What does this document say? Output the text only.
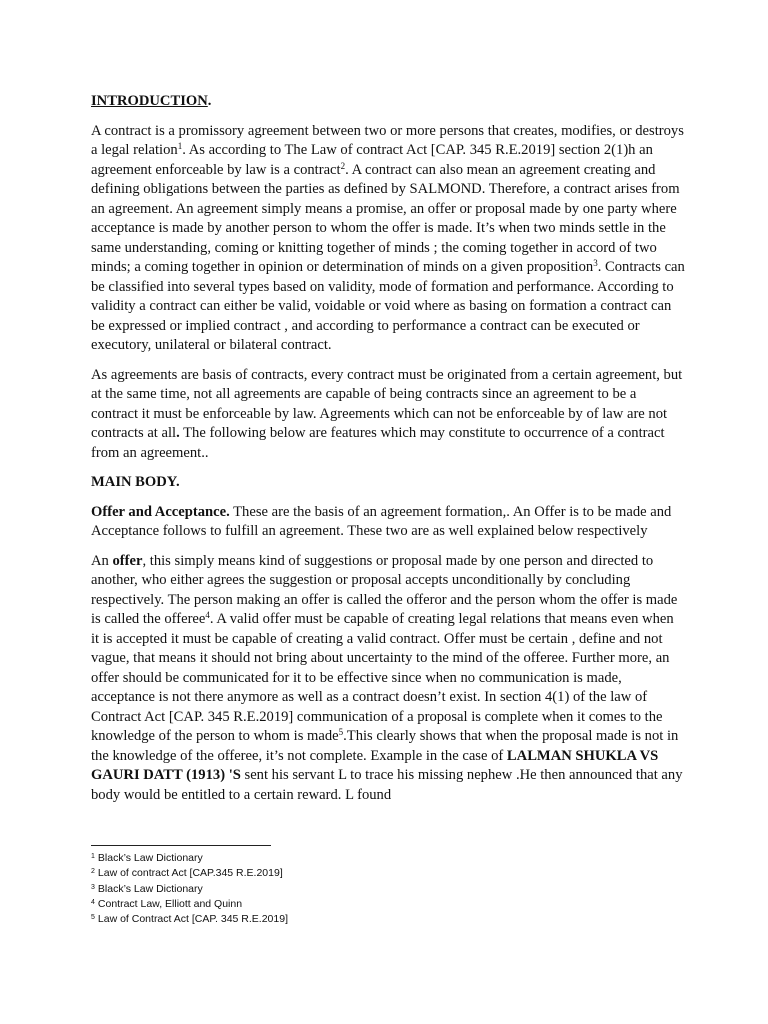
INTRODUCTION.

A contract is a promissory agreement between two or more persons that creates, modifies, or destroys a legal relation$^1$. As according to The Law of contract Act [CAP. 345 R.E.2019] section 2(1)h an agreement enforceable by law is a contract$^2$. A contract can also mean an agreement creating and defining obligations between the parties as defined by SALMOND. Therefore, a contract arises from an agreement. An agreement simply means a promise, an offer or proposal made by one party where acceptance is made by another person to whom the offer is made. It’s when two minds settle in the same understanding, coming or knitting together of minds ; the coming together in accord of two minds; a coming together in opinion or determination of minds on a given proposition$^3$. Contracts can be classified into several types based on validity, mode of formation and performance. According to validity a contract can either be valid, voidable or void where as basing on formation a contract can be expressed or implied contract , and according to performance a contract can be executed or executory, unilateral or bilateral contract.

As agreements are basis of contracts, every contract must be originated from a certain agreement, but at the same time, not all agreements are capable of being contracts since an agreement to be a contract it must be enforceable by law. Agreements which can not be enforceable by of law are not contracts at all. The following below are features which may constitute to occurrence of a contract from an agreement..

MAIN BODY.

Offer and Acceptance. These are the basis of an agreement formation,. An Offer is to be made and Acceptance follows to fulfill an agreement. These two are as well explained below respectively

An offer, this simply means kind of suggestions or proposal made by one person and directed to another, who either agrees the suggestion or proposal accepts unconditionally by concluding respectively. The person making an offer is called the offeror and the person whom the offer is made is called the offeree$^4$. A valid offer must be capable of creating legal relations that means even when it is accepted it must be capable of creating a valid contract. Offer must be certain , define and not vague, that means it should not bring about uncertainty to the mind of the offeree. Further more, an offer should be communicated for it to be effective since when no communication is made, acceptance is not there anymore as well as a contract doesn’t exist. In section 4(1) of the law of Contract Act [CAP. 345 R.E.2019] communication of a proposal is complete when it comes to the knowledge of the person to whom is made$^5$.This clearly shows that when the proposal made is not in the knowledge of the offeree, it’s not complete. Example in the case of LALMAN SHUKLA VS GAURI DATT (1913) 'S sent his servant L to trace his missing nephew .He then announced that any body would be entitled to a certain reward. L found

$^1$ Black’s Law Dictionary
$^2$ Law of contract Act [CAP.345 R.E.2019]
$^3$ Black’s Law Dictionary
$^4$ Contract Law, Elliott and Quinn
$^5$ Law of Contract Act [CAP. 345 R.E.2019]
